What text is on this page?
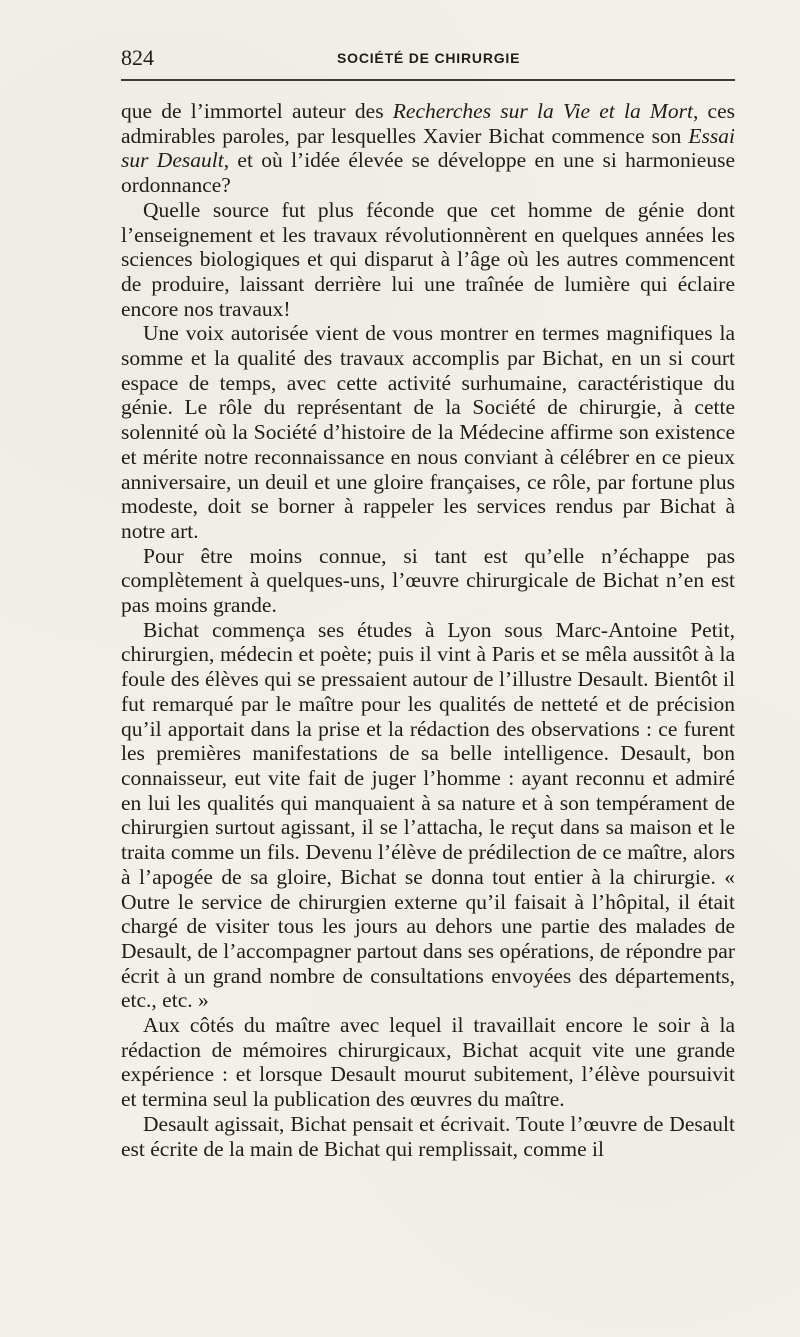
824	SOCIÉTÉ DE CHIRURGIE

que de l’immortel auteur des Recherches sur la Vie et la Mort, ces admirables paroles, par lesquelles Xavier Bichat commence son Essai sur Desault, et où l’idée élevée se développe en une si harmonieuse ordonnance?

Quelle source fut plus féconde que cet homme de génie dont l’enseignement et les travaux révolutionnèrent en quelques années les sciences biologiques et qui disparut à l’âge où les autres commencent de produire, laissant derrière lui une traînée de lumière qui éclaire encore nos travaux!

Une voix autorisée vient de vous montrer en termes magnifiques la somme et la qualité des travaux accomplis par Bichat, en un si court espace de temps, avec cette activité surhumaine, caractéristique du génie. Le rôle du représentant de la Société de chirurgie, à cette solennité où la Société d’histoire de la Médecine affirme son existence et mérite notre reconnaissance en nous conviant à célébrer en ce pieux anniversaire, un deuil et une gloire françaises, ce rôle, par fortune plus modeste, doit se borner à rappeler les services rendus par Bichat à notre art.

Pour être moins connue, si tant est qu’elle n’échappe pas complètement à quelques-uns, l’œuvre chirurgicale de Bichat n’en est pas moins grande.

Bichat commença ses études à Lyon sous Marc-Antoine Petit, chirurgien, médecin et poète; puis il vint à Paris et se mêla aussitôt à la foule des élèves qui se pressaient autour de l’illustre Desault. Bientôt il fut remarqué par le maître pour les qualités de netteté et de précision qu’il apportait dans la prise et la rédaction des observations : ce furent les premières manifestations de sa belle intelligence. Desault, bon connaisseur, eut vite fait de juger l’homme : ayant reconnu et admiré en lui les qualités qui manquaient à sa nature et à son tempérament de chirurgien surtout agissant, il se l’attacha, le reçut dans sa maison et le traita comme un fils. Devenu l’élève de prédilection de ce maître, alors à l’apogée de sa gloire, Bichat se donna tout entier à la chirurgie. « Outre le service de chirurgien externe qu’il faisait à l’hôpital, il était chargé de visiter tous les jours au dehors une partie des malades de Desault, de l’accompagner partout dans ses opérations, de répondre par écrit à un grand nombre de consultations envoyées des départements, etc., etc. »

Aux côtés du maître avec lequel il travaillait encore le soir à la rédaction de mémoires chirurgicaux, Bichat acquit vite une grande expérience : et lorsque Desault mourut subitement, l’élève poursuivit et termina seul la publication des œuvres du maître.

Desault agissait, Bichat pensait et écrivait. Toute l’œuvre de Desault est écrite de la main de Bichat qui remplissait, comme il
